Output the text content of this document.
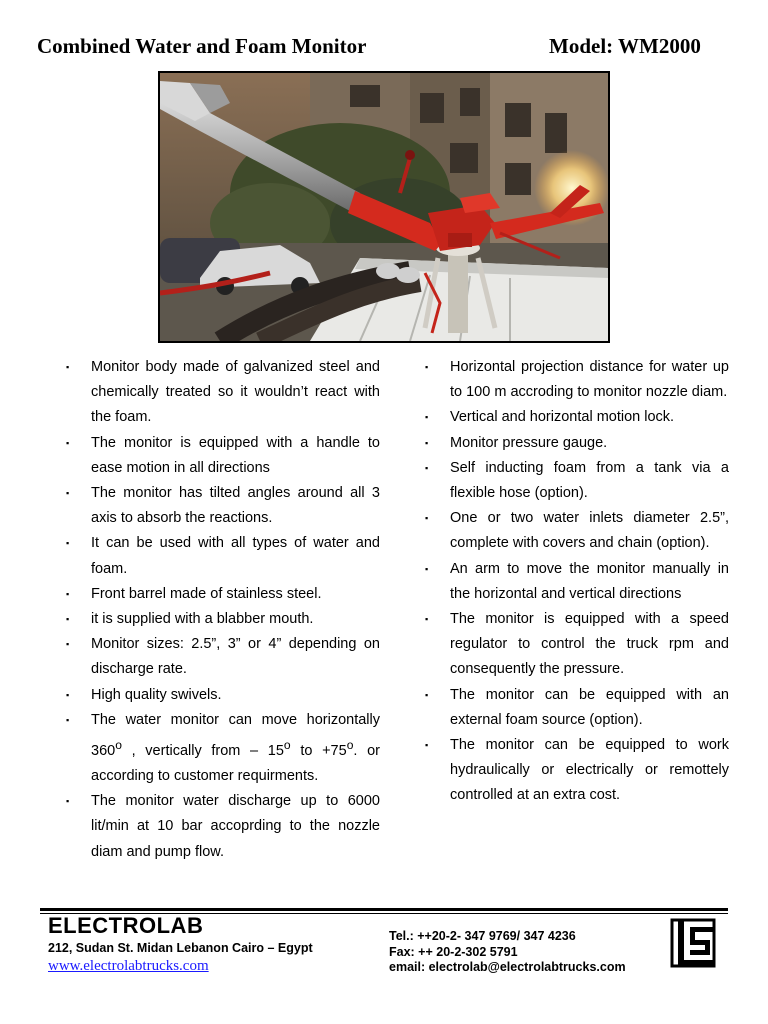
Combined Water and Foam Monitor	Model: WM2000
▪ Monitor body made of galvanized steel and chemically treated so it wouldn’t react with the foam.
▪ The monitor is equipped with a handle to ease motion in all directions
▪ The monitor has tilted angles around all 3 axis to absorb the reactions.
▪ It can be used with all types of water and foam.
▪ Front barrel made of stainless steel.
▪ it is supplied with a blabber mouth.
▪ Monitor sizes: 2.5”, 3” or 4” depending on discharge rate.
▪ High quality swivels.
▪ The water monitor can move horizontally 360$^o$ , vertically from – 15$^o$ to $+75^o$. or according to customer requirments.
▪ The monitor water discharge up to 6000 lit/min at 10 bar accoprding to the nozzle diam and pump flow.
▪ Horizontal projection distance for water up to 100 m accroding to monitor nozzle diam.
▪ Vertical and horizontal motion lock.
▪ Monitor pressure gauge.
▪ Self inducting foam from a tank via a flexible hose (option).
▪ One or two water inlets diameter 2.5”, complete with covers and chain (option).
▪ An arm to move the monitor manually in the horizontal and vertical directions
▪ The monitor is equipped with a speed regulator to control the truck rpm and consequently the pressure.
▪ The monitor can be equipped with an external foam source (option).
▪ The monitor can be equipped to work hydraulically or electrically or remottely controlled at an extra cost.
ELECTROLAB
212, Sudan St. Midan Lebanon Cairo – Egypt
www.electrolabtrucks.com
Tel.: ++20-2- 347 9769/ 347 4236
Fax: ++ 20-2-302 5791
email: electrolab@electrolabtrucks.com
